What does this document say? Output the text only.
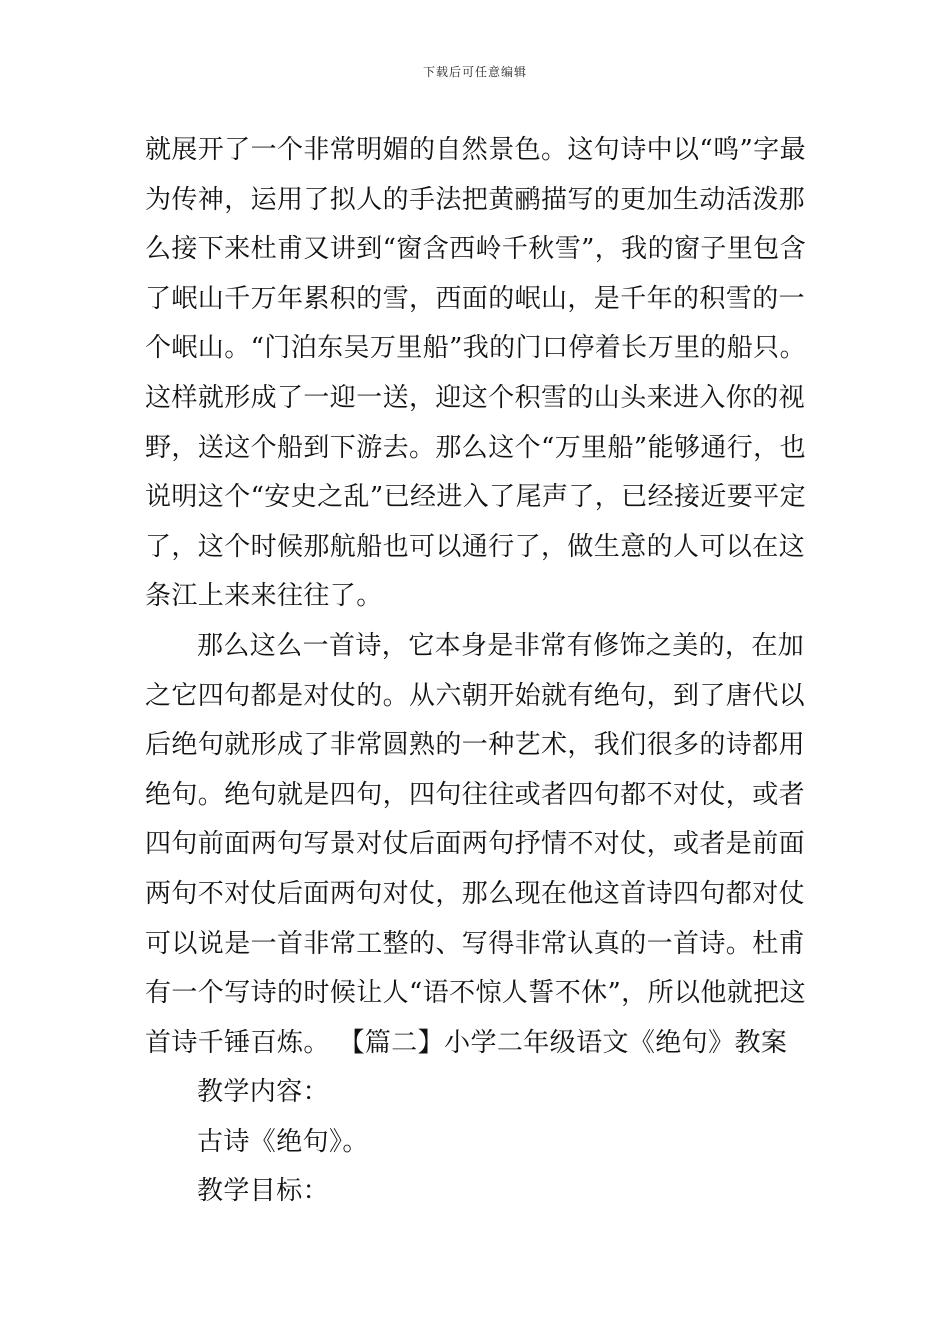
下载后可任意编辑

就展开了一个非常明媚的自然景色。这句诗中以“鸣”字最为传神，运用了拟人的手法把黄鹂描写的更加生动活泼那么接下来杜甫又讲到“窗含西岭千秋雪”，我的窗子里包含了岷山千万年累积的雪，西面的岷山，是千年的积雪的一个岷山。“门泊东吴万里船”我的门口停着长万里的船只。这样就形成了一迎一送，迎这个积雪的山头来进入你的视野，送这个船到下游去。那么这个“万里船”能够通行，也说明这个“安史之乱”已经进入了尾声了，已经接近要平定了，这个时候那航船也可以通行了，做生意的人可以在这条江上来来往往了。

那么这么一首诗，它本身是非常有修饰之美的，在加之它四句都是对仗的。从六朝开始就有绝句，到了唐代以后绝句就形成了非常圆熟的一种艺术，我们很多的诗都用绝句。绝句就是四句，四句往往或者四句都不对仗，或者四句前面两句写景对仗后面两句抒情不对仗，或者是前面两句不对仗后面两句对仗，那么现在他这首诗四句都对仗可以说是一首非常工整的、写得非常认真的一首诗。杜甫有一个写诗的时候让人“语不惊人誓不休”，所以他就把这首诗千锤百炼。 【篇二】小学二年级语文《绝句》教案

教学内容：

古诗《绝句》。

教学目标：
